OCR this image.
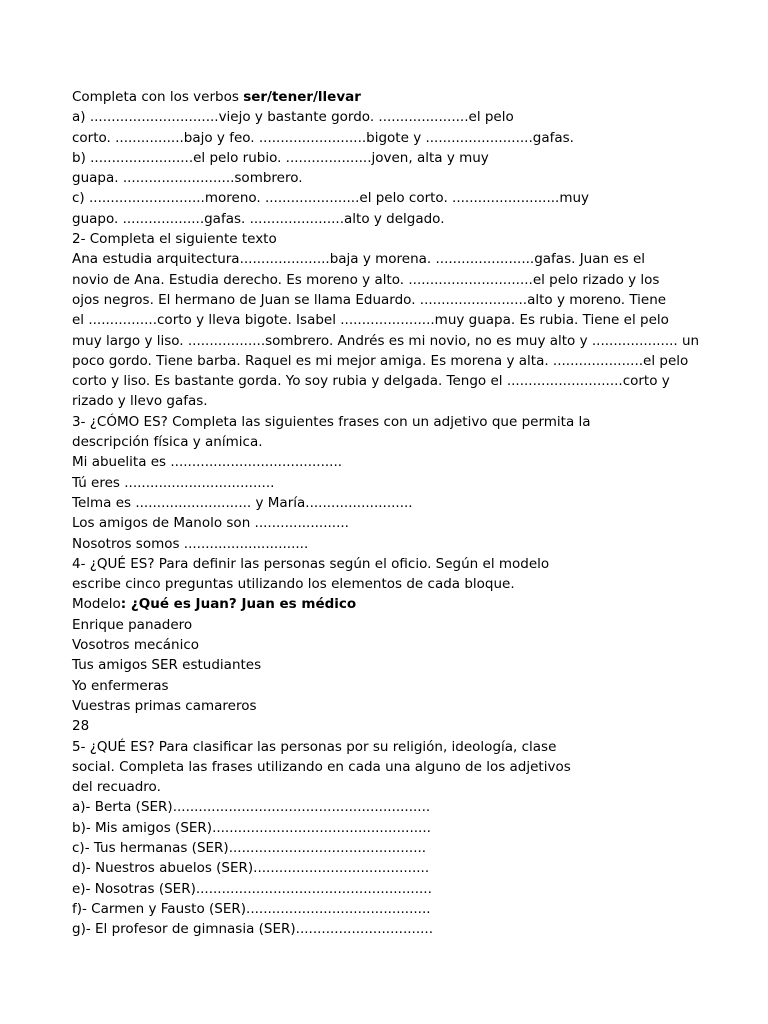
Completa con los verbos ser/tener/llevar
a) ..............................viejo y bastante gordo. .....................el pelo
corto. ................bajo y feo. .........................bigote y .........................gafas.
b) ........................el pelo rubio. ....................joven, alta y muy
guapa. ..........................sombrero.
c) ...........................moreno. ......................el pelo corto. .........................muy
guapo. ...................gafas. ......................alto y delgado.
2- Completa el siguiente texto
Ana estudia arquitectura.....................baja y morena. .......................gafas. Juan es el
novio de Ana. Estudia derecho. Es moreno y alto. .............................el pelo rizado y los
ojos negros. El hermano de Juan se llama Eduardo. .........................alto y moreno. Tiene
el ................corto y lleva bigote. Isabel ......................muy guapa. Es rubia. Tiene el pelo
muy largo y liso. ..................sombrero. Andrés es mi novio, no es muy alto y .................... un
poco gordo. Tiene barba. Raquel es mi mejor amiga. Es morena y alta. .....................el pelo
corto y liso. Es bastante gorda. Yo soy rubia y delgada. Tengo el ...........................corto y
rizado y llevo gafas.
3- ¿CÓMO ES? Completa las siguientes frases con un adjetivo que permita la
descripción física y anímica.
Mi abuelita es ........................................
Tú eres ...................................
Telma es ........................... y María.........................
Los amigos de Manolo son ......................
Nosotros somos .............................
4- ¿QUÉ ES? Para definir las personas según el oficio. Según el modelo
escribe cinco preguntas utilizando los elementos de cada bloque.
Modelo: ¿Qué es Juan? Juan es médico
Enrique panadero
Vosotros mecánico
Tus amigos SER estudiantes
Yo enfermeras
Vuestras primas camareros
28
5- ¿QUÉ ES? Para clasificar las personas por su religión, ideología, clase
social. Completa las frases utilizando en cada una alguno de los adjetivos
del recuadro.
a)- Berta (SER)............................................................
b)- Mis amigos (SER)...................................................
c)- Tus hermanas (SER)..............................................
d)- Nuestros abuelos (SER).........................................
e)- Nosotras (SER).......................................................
f)- Carmen y Fausto (SER)...........................................
g)- El profesor de gimnasia (SER)................................
